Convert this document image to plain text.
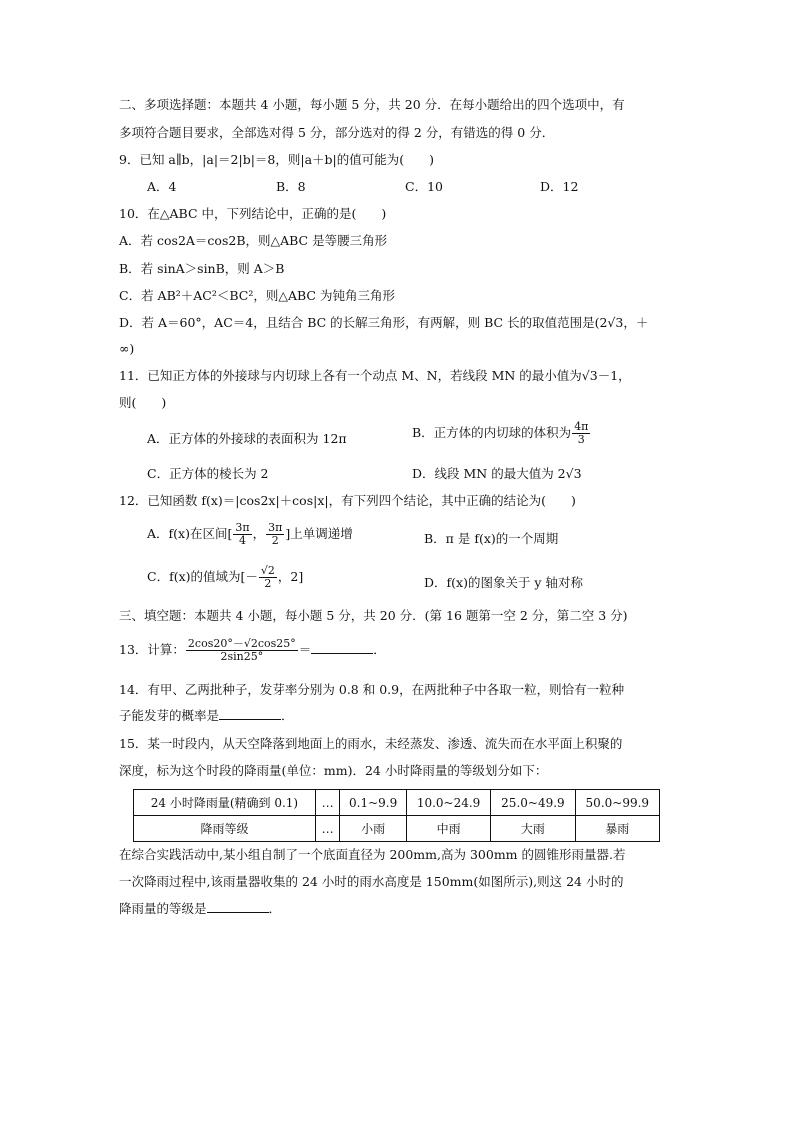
二、多项选择题：本题共 4 小题，每小题 5 分，共 20 分．在每小题给出的四个选项中，有
多项符合题目要求，全部选对得 5 分，部分选对的得 2 分，有错选的得 0 分．
9．已知 a∥b，|a|＝2|b|＝8，则|a＋b|的值可能为(　　)
A．4	B．8	C．10	D．12
10．在△ABC 中，下列结论中，正确的是(　　)
A．若 cos2A＝cos2B，则△ABC 是等腰三角形
B．若 sinA＞sinB，则 A＞B
C．若 AB²＋AC²＜BC²，则△ABC 为钝角三角形
D．若 A＝60°，AC＝4，且结合 BC 的长解三角形，有两解，则 BC 长的取值范围是(2√3，＋
∞)
11．已知正方体的外接球与内切球上各有一个动点 M、N，若线段 MN 的最小值为√3－1，
则(　　)
A．正方体的外接球的表面积为 12π	B．正方体的内切球的体积为 $\frac{4\pi}{3}$
C．正方体的棱长为 2	D．线段 MN 的最大值为 2√3
12．已知函数 f(x)＝|cos2x|＋cos|x|，有下列四个结论，其中正确的结论为(　　)
A．f(x)在区间[ $\frac{3\pi}{4}$ ， $\frac{3\pi}{2}$ ]上单调递增	B．π 是 f(x)的一个周期
C．f(x)的值域为[－ $\frac{√2}{2}$ ，2]	D．f(x)的图象关于 y 轴对称
三、填空题：本题共 4 小题，每小题 5 分，共 20 分．(第 16 题第一空 2 分，第二空 3 分)
13．计算： $\frac{2\cos 20^\circ-√2\cos 25^\circ}{2\sin 25^\circ}$ ＝	．
14．有甲、乙两批种子，发芽率分别为 0.8 和 0.9，在两批种子中各取一粒，则恰有一粒种
子能发芽的概率是	．
15．某一时段内，从天空降落到地面上的雨水，未经蒸发、渗透、流失而在水平面上积聚的
深度，标为这个时段的降雨量(单位：mm)．24 小时降雨量的等级划分如下：
24 小时降雨量(精确到 0.1)	…	0.1~9.9	10.0~24.9	25.0~49.9	50.0~99.9
降雨等级	…	小雨	中雨	大雨	暴雨
在综合实践活动中,某小组自制了一个底面直径为 200mm,高为 300mm 的圆锥形雨量器.若
一次降雨过程中,该雨量器收集的 24 小时的雨水高度是 150mm(如图所示),则这 24 小时的
降雨量的等级是	．
